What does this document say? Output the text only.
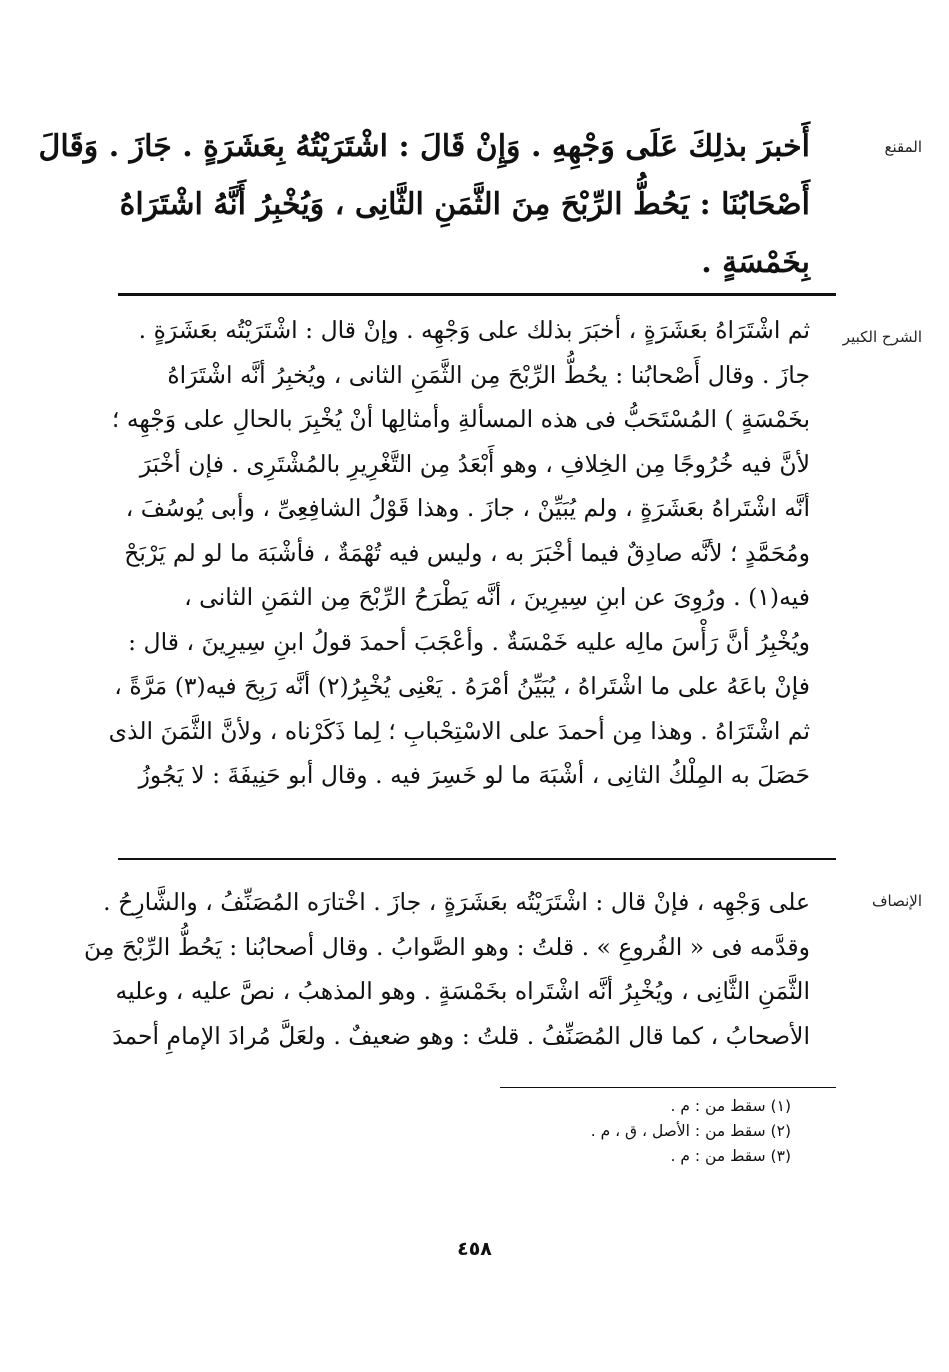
المقنع

أَخبرَ بذلِكَ عَلَى وَجْهِهِ . وَإِنْ قَالَ : اشْتَرَيْتُهُ بِعَشَرَةٍ . جَازَ . وَقَالَ

أَصْحَابُنَا : يَحُطُّ الرِّبْحَ مِنَ الثَّمَنِ الثَّانِى ، وَيُخْبِرُ أَنَّهُ اشْتَرَاهُ

بِخَمْسَةٍ .

الشرح الكبير

ثم اشْتَرَاهُ بعَشَرَةٍ ، أخبَرَ بذلك على وَجْهِه . وإنْ قال : اشْتَرَيْتُه بعَشَرَةٍ .

جازَ . وقال أَصْحابُنا : يحُطُّ الرِّبْحَ مِن الثَّمَنِ الثانى ، ويُخبِرُ أنَّه اشْتَرَاهُ

بخَمْسَةٍ ) المُسْتَحَبُّ فى هذه المسألةِ وأمثالِها أنْ يُخْبِرَ بالحالِ على وَجْهِه ؛

لأنَّ فيه خُرُوجًا مِن الخِلافِ ، وهو أَبْعَدُ مِن التَّغْرِيرِ بالمُشْتَرِى . فإن أخْبَرَ

أنَّه اشْتَراهُ بعَشَرَةٍ ، ولم يُبَيِّنْ ، جازَ . وهذا قَوْلُ الشافِعِىِّ ، وأبى يُوسُفَ ،

ومُحَمَّدٍ ؛ لأنَّه صادِقٌ فيما أخْبَرَ به ، وليس فيه تُهْمَةٌ ، فأشْبَهَ ما لو لم يَرْبَحْ

فيه(١) . ورُوِىَ عن ابنِ سِيرِينَ ، أنَّه يَطْرَحُ الرِّبْحَ مِن الثمَنِ الثانى ،

ويُخْبِرُ أنَّ رَأْسَ مالِه عليه خَمْسَةٌ . وأعْجَبَ أحمدَ قولُ ابنِ سِيرِينَ ، قال :

فإنْ باعَهُ على ما اشْتَراهُ ، يُبَيِّنُ أمْرَهُ . يَعْنِى يُخْبِرُ(٢) أنَّه رَبِحَ فيه(٣) مَرَّةً ،

ثم اشْتَرَاهُ . وهذا مِن أحمدَ على الاسْتِحْبابِ ؛ لِما ذَكَرْناه ، ولأنَّ الثَّمَنَ الذى

حَصَلَ به المِلْكُ الثانِى ، أشْبَهَ ما لو خَسِرَ فيه . وقال أبو حَنِيفَةَ : لا يَجُوزُ

الإنصاف

على وَجْهِه ، فإنْ قال : اشْتَرَيْتُه بعَشَرَةٍ ، جازَ . اخْتارَه المُصَنِّفُ ، والشَّارِحُ .

وقدَّمه فى « الفُروعِ » . قلتُ : وهو الصَّوابُ . وقال أصحابُنا : يَحُطُّ الرِّبْحَ مِنَ

الثَّمَنِ الثَّانِى ، ويُخْبِرُ أنَّه اشْتَراه بخَمْسَةٍ . وهو المذهبُ ، نصَّ عليه ، وعليه

الأصحابُ ، كما قال المُصَنِّفُ . قلتُ : وهو ضعيفٌ . ولعَلَّ مُرادَ الإمامِ أحمدَ

(١) سقط من : م .

(٢) سقط من : الأصل ، ق ، م .

(٣) سقط من : م .

٤٥٨
